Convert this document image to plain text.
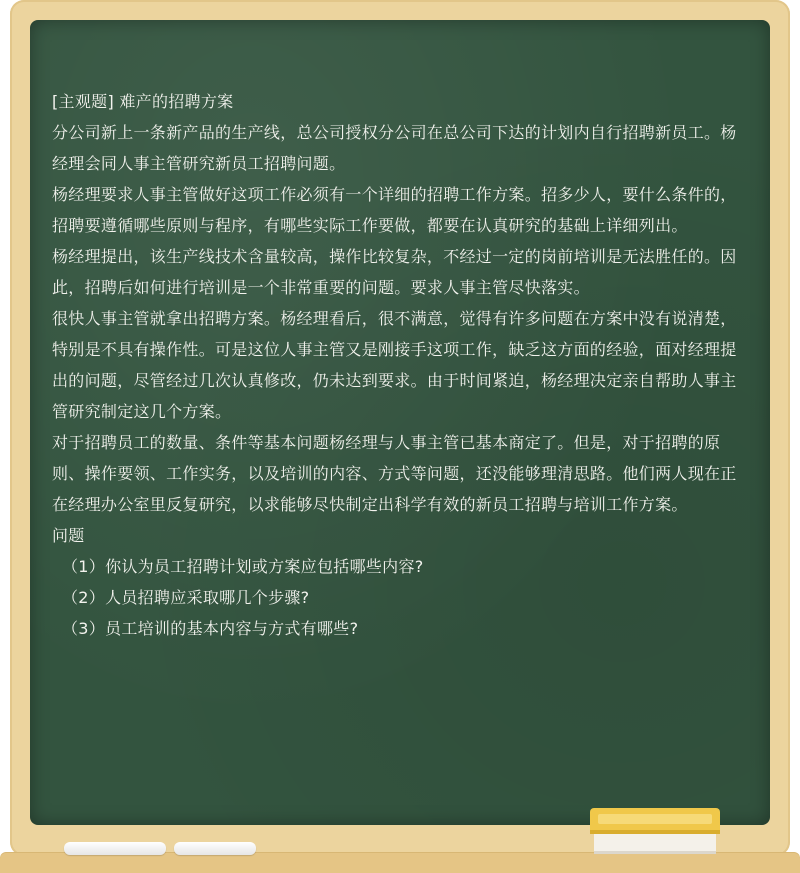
[主观题] 难产的招聘方案

分公司新上一条新产品的生产线，总公司授权分公司在总公司下达的计划内自行招聘新员工。杨经理会同人事主管研究新员工招聘问题。

杨经理要求人事主管做好这项工作必须有一个详细的招聘工作方案。招多少人，要什么条件的，招聘要遵循哪些原则与程序，有哪些实际工作要做，都要在认真研究的基础上详细列出。

杨经理提出，该生产线技术含量较高，操作比较复杂，不经过一定的岗前培训是无法胜任的。因此，招聘后如何进行培训是一个非常重要的问题。要求人事主管尽快落实。

很快人事主管就拿出招聘方案。杨经理看后，很不满意，觉得有许多问题在方案中没有说清楚，特别是不具有操作性。可是这位人事主管又是刚接手这项工作，缺乏这方面的经验，面对经理提出的问题，尽管经过几次认真修改，仍未达到要求。由于时间紧迫，杨经理决定亲自帮助人事主管研究制定这几个方案。

对于招聘员工的数量、条件等基本问题杨经理与人事主管已基本商定了。但是，对于招聘的原则、操作要领、工作实务，以及培训的内容、方式等问题，还没能够理清思路。他们两人现在正在经理办公室里反复研究，以求能够尽快制定出科学有效的新员工招聘与培训工作方案。

问题

（1）你认为员工招聘计划或方案应包括哪些内容?
（2）人员招聘应采取哪几个步骤?
（3）员工培训的基本内容与方式有哪些?
